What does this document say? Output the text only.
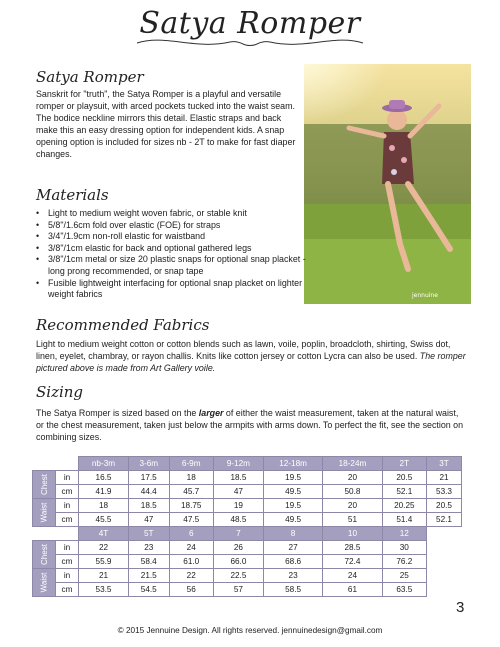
Satya Romper
Satya Romper
Sanskrit for "truth", the Satya Romper is a playful and versatile romper or playsuit, with arced pockets tucked into the waist seam. The bodice neckline mirrors this detail. Elastic straps and back make this an easy dressing option for independent kids. A snap opening option is included for sizes nb - 2T to make for fast diaper changes.
jennuine
Materials
• Light to medium weight woven fabric, or stable knit
• 5/8"/1.6cm fold over elastic (FOE) for straps
• 3/4"/1.9cm non-roll elastic for waistband
• 3/8"/1cm elastic for back and optional gathered legs
• 3/8"/1cm metal or size 20 plastic snaps for optional snap placket - long prong recommended, or snap tape
• Fusible lightweight interfacing for optional snap placket on lighter weight fabrics
Recommended Fabrics
Light to medium weight cotton or cotton blends such as lawn, voile, poplin, broadcloth, shirting, Swiss dot, linen, eyelet, chambray, or rayon challis. Knits like cotton jersey or cotton Lycra can also be used. The romper pictured above is made from Art Gallery voile.
Sizing
The Satya Romper is sized based on the larger of either the waist measurement, taken at the natural waist, or the chest measurement, taken just below the armpits with arms down. To perfect the fit, see the section on combining sizes.
		nb-3m	3-6m	6-9m	9-12m	12-18m	18-24m	2T	3T
Chest	in	16.5	17.5	18	18.5	19.5	20	20.5	21
	cm	41.9	44.4	45.7	47	49.5	50.8	52.1	53.3
Waist	in	18	18.5	18.75	19	19.5	20	20.25	20.5
	cm	45.5	47	47.5	48.5	49.5	51	51.4	52.1
		4T	5T	6	7	8	10	12	
Chest	in	22	23	24	26	27	28.5	30	
	cm	55.9	58.4	61.0	66.0	68.6	72.4	76.2	
Waist	in	21	21.5	22	22.5	23	24	25	
	cm	53.5	54.5	56	57	58.5	61	63.5	
3
© 2015 Jennuine Design. All rights reserved. jennuinedesign@gmail.com
